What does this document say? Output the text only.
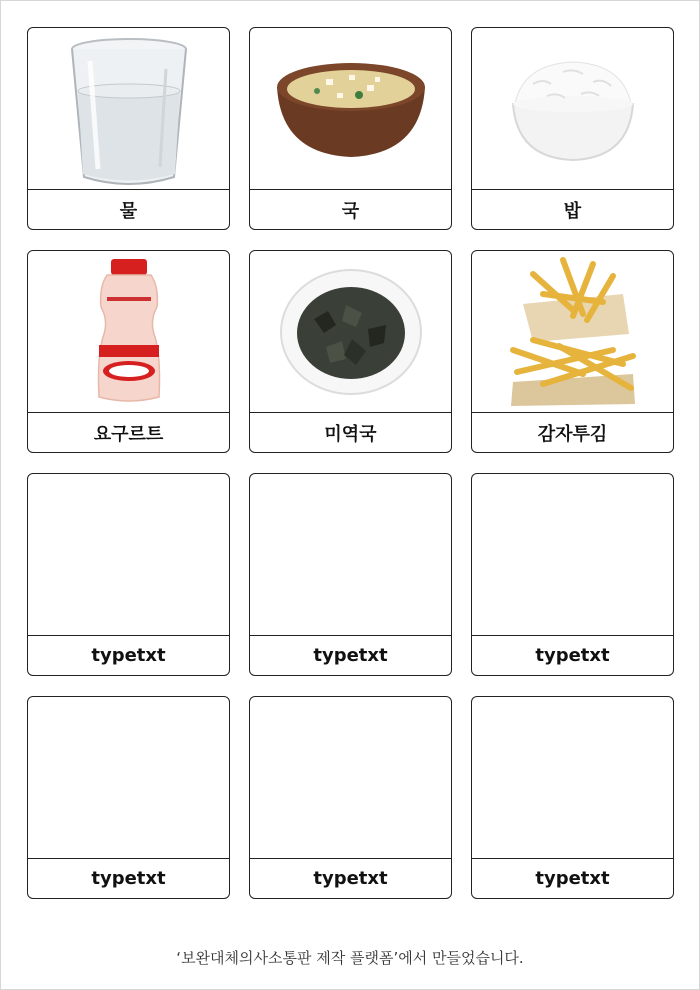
물	국	밥
요구르트	미역국	감자투김
typetxt	typetxt	typetxt
typetxt	typetxt	typetxt
‘보완대체의사소통판 제작 플랫폼’에서 만들었습니다.
